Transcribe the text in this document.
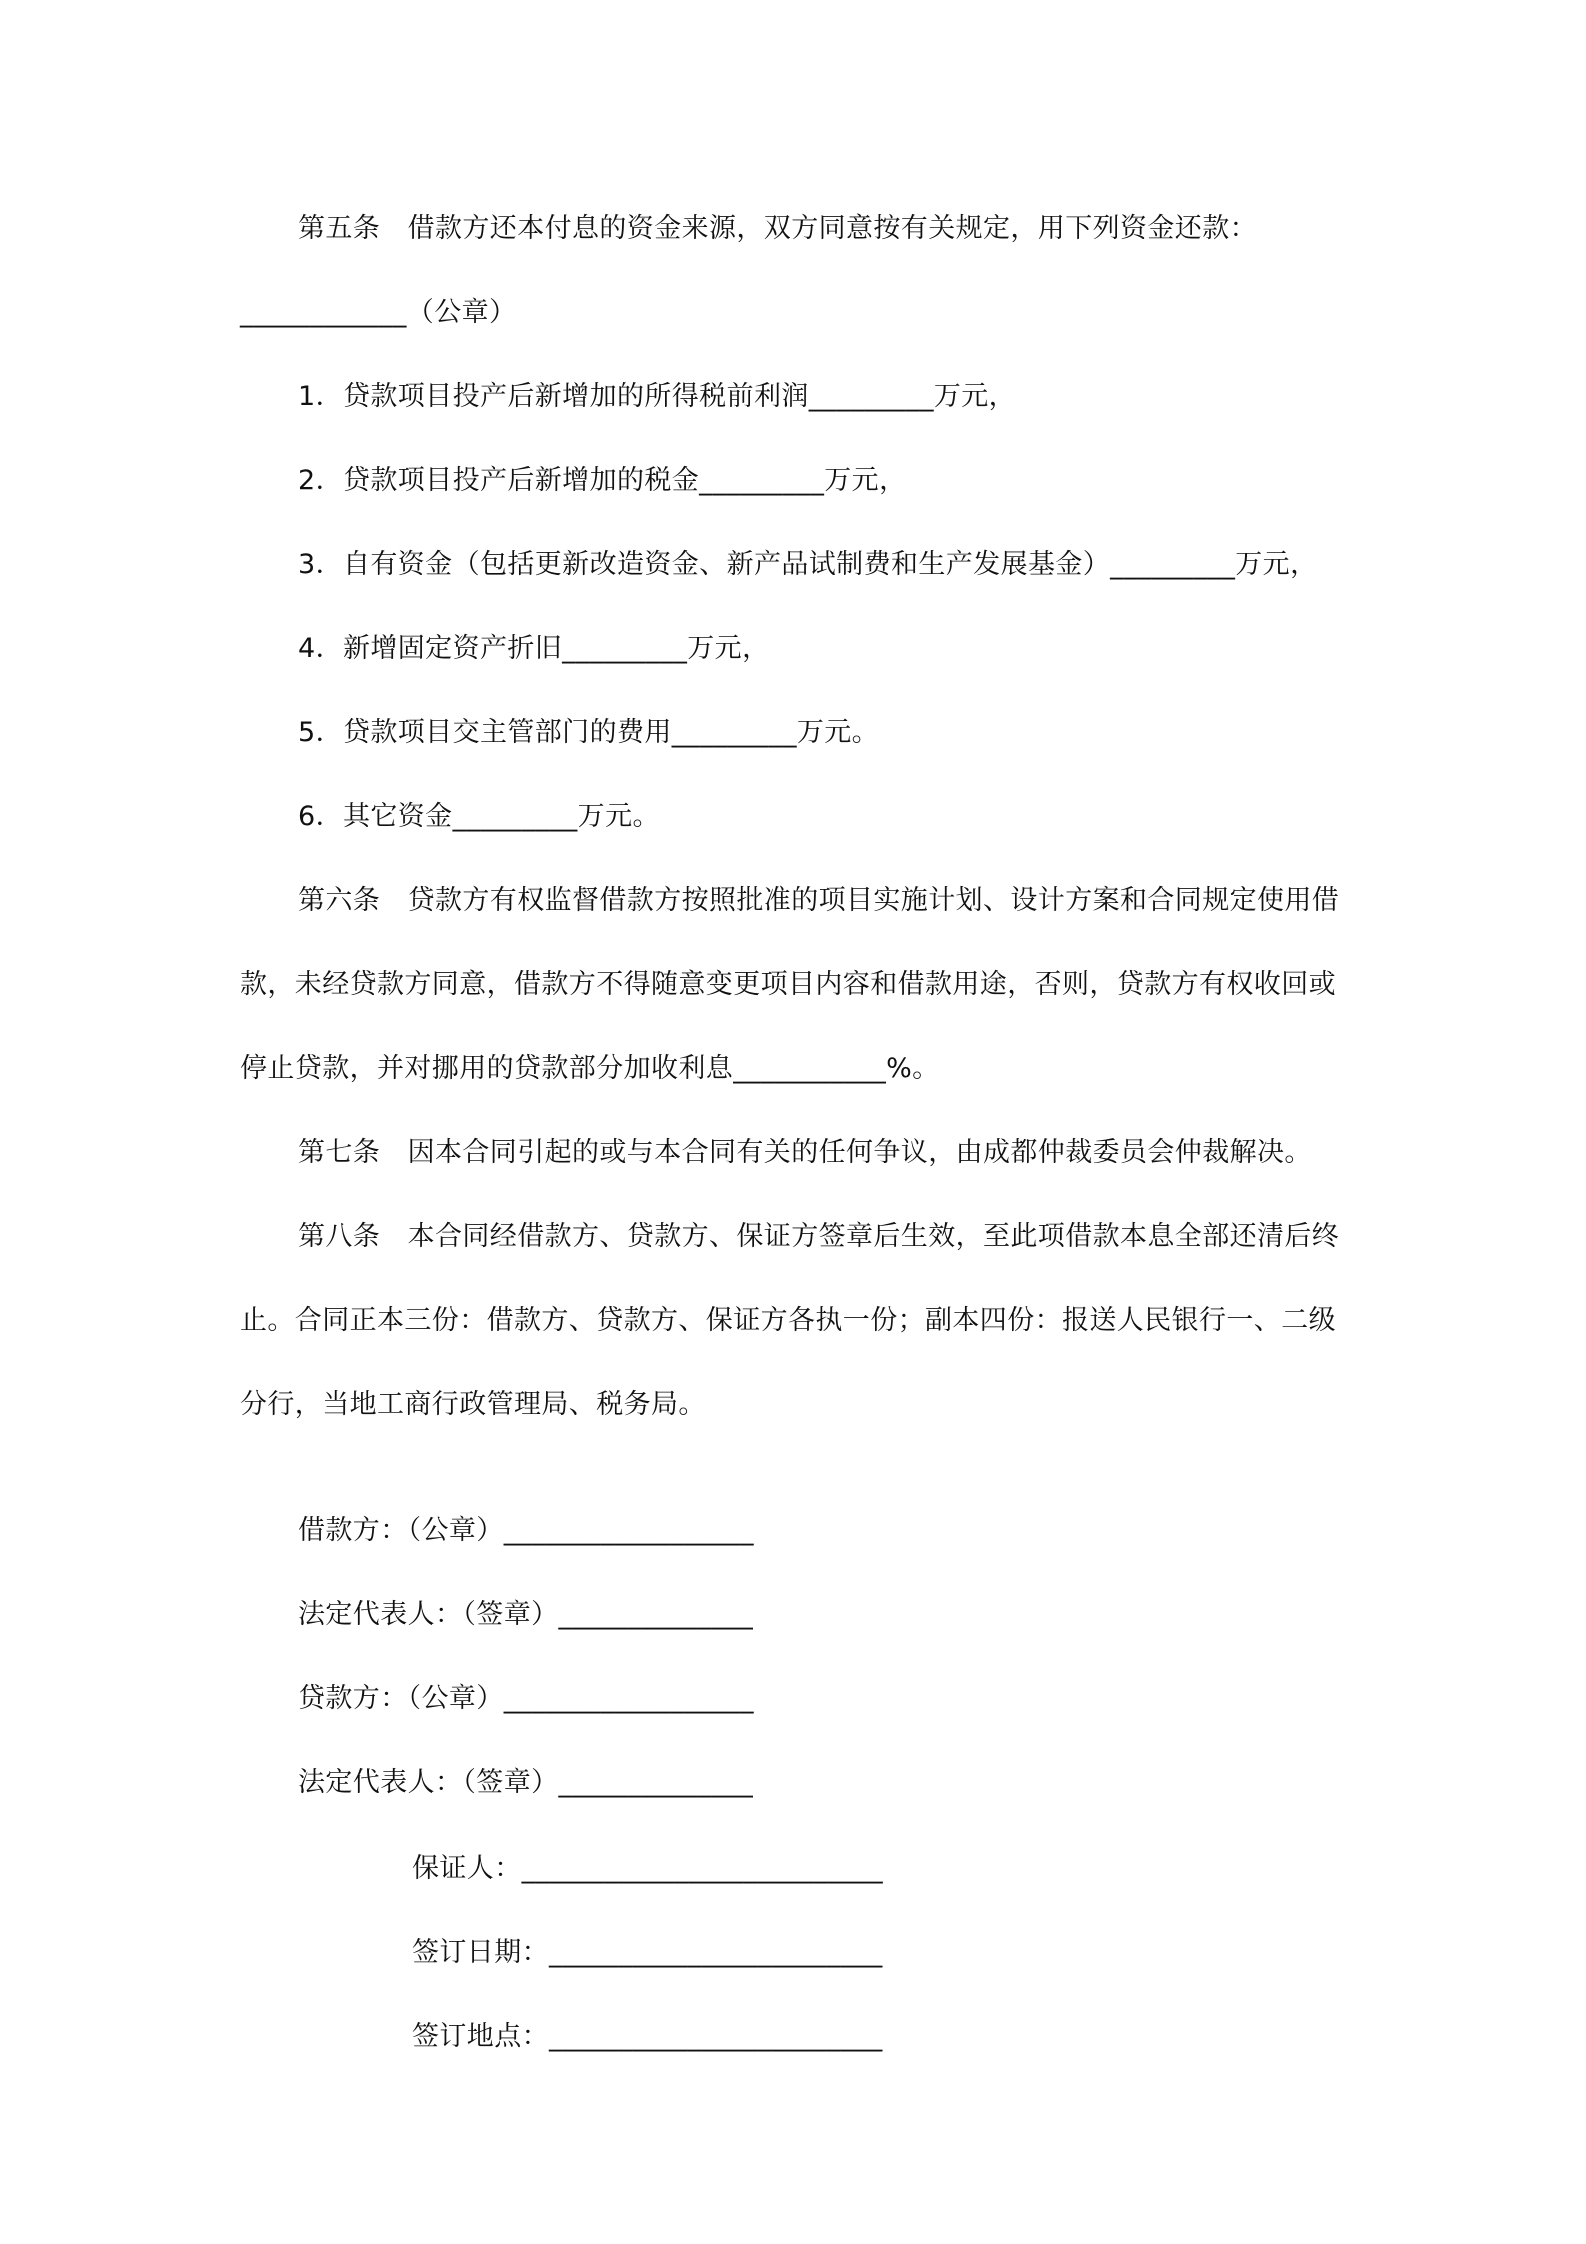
第五条　借款方还本付息的资金来源，双方同意按有关规定，用下列资金还款：
____________（公章）
1．贷款项目投产后新增加的所得税前利润_________万元，
2．贷款项目投产后新增加的税金_________万元，
3．自有资金（包括更新改造资金、新产品试制费和生产发展基金）_________万元，
4．新增固定资产折旧_________万元，
5．贷款项目交主管部门的费用_________万元。
6．其它资金_________万元。
第六条　贷款方有权监督借款方按照批准的项目实施计划、设计方案和合同规定使用借
款，未经贷款方同意，借款方不得随意变更项目内容和借款用途，否则，贷款方有权收回或
停止贷款，并对挪用的贷款部分加收利息___________%。
第七条　因本合同引起的或与本合同有关的任何争议，由成都仲裁委员会仲裁解决。
第八条　本合同经借款方、贷款方、保证方签章后生效，至此项借款本息全部还清后终
止。合同正本三份：借款方、贷款方、保证方各执一份；副本四份：报送人民银行一、二级
分行，当地工商行政管理局、税务局。
借款方：（公章）__________________
法定代表人：（签章）______________
贷款方：（公章）__________________
法定代表人：（签章）______________
保证人：__________________________
签订日期：________________________
签订地点：________________________
